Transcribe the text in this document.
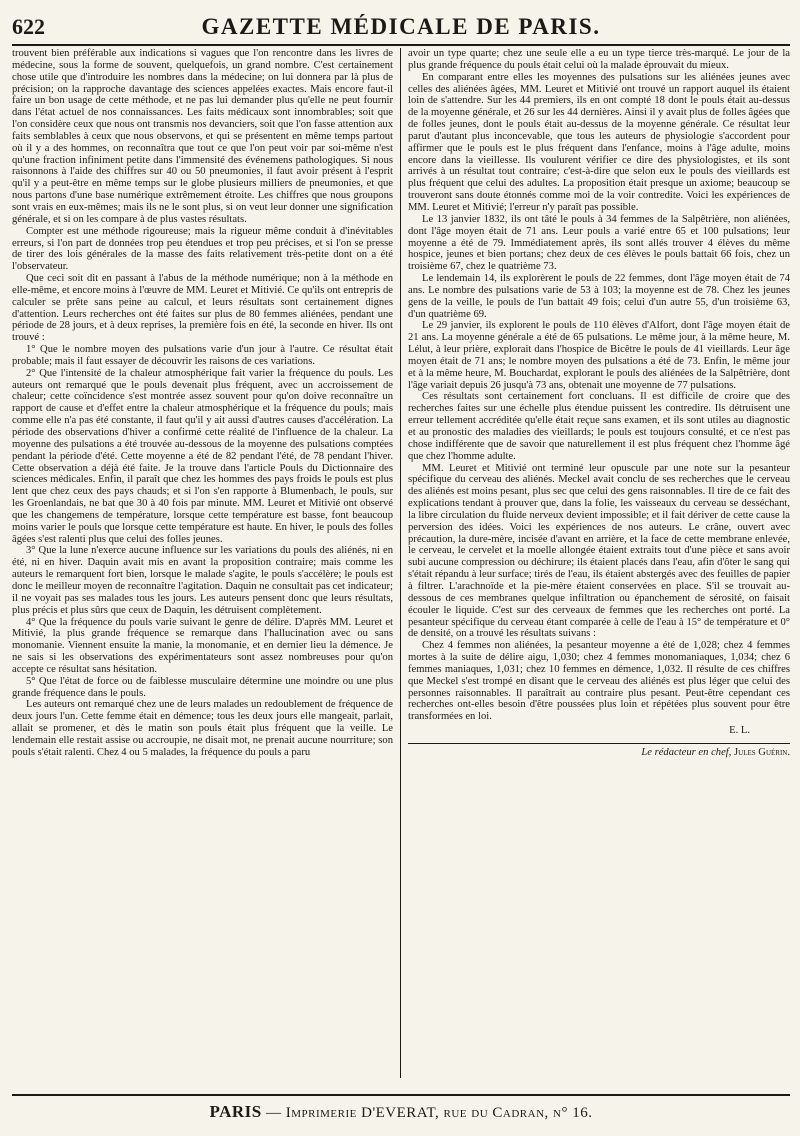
622	GAZETTE MÉDICALE DE PARIS.

trouvent bien préférable aux indications si vagues que l'on rencontre dans les livres de médecine, sous la forme de souvent, quelquefois, un grand nombre. C'est certainement chose utile que d'introduire les nombres dans la médecine; on lui donnera par là plus de précision; on la rapproche davantage des sciences appelées exactes. Mais encore faut-il faire un bon usage de cette méthode, et ne pas lui demander plus qu'elle ne peut fournir dans l'état actuel de nos connaissances. Les faits médicaux sont innombrables; soit que l'on considère ceux que nous ont transmis nos devanciers, soit que l'on fasse attention aux faits semblables à ceux que nous observons, et qui se présentent en même temps partout où il y a des hommes, on reconnaîtra que tout ce que l'on peut voir par soi-même n'est qu'une fraction infiniment petite dans l'immensité des événemens pathologiques. Si nous raisonnons à l'aide des chiffres sur 40 ou 50 pneumonies, il faut avoir présent à l'esprit qu'il y a peut-être en même temps sur le globe plusieurs milliers de pneumonies, et que nous partons d'une base numérique extrêmement étroite. Les chiffres que nous groupons sont vrais en eux-mêmes; mais ils ne le sont plus, si on veut leur donner une signification générale, et si on les compare à de plus vastes résultats.

Compter est une méthode rigoureuse; mais la rigueur même conduit à d'inévitables erreurs, si l'on part de données trop peu étendues et trop peu précises, et si l'on se presse de tirer des lois générales de la masse des faits relativement très-petite dont on a été l'observateur.

Que ceci soit dit en passant à l'abus de la méthode numérique; non à la méthode en elle-même, et encore moins à l'œuvre de MM. Leuret et Mitivié. Ce qu'ils ont entrepris de calculer se prête sans peine au calcul, et leurs résultats sont certainement dignes d'attention. Leurs recherches ont été faites sur plus de 80 femmes aliénées, pendant une période de 28 jours, et à deux reprises, la première fois en été, la seconde en hiver. Ils ont trouvé :

1° Que le nombre moyen des pulsations varie d'un jour à l'autre. Ce résultat était probable; mais il faut essayer de découvrir les raisons de ces variations.

2° Que l'intensité de la chaleur atmosphérique fait varier la fréquence du pouls. Les auteurs ont remarqué que le pouls devenait plus fréquent, avec un accroissement de chaleur; cette coïncidence s'est montrée assez souvent pour qu'on doive reconnaître un rapport de cause et d'effet entre la chaleur atmosphérique et la fréquence du pouls; mais comme elle n'a pas été constante, il faut qu'il y ait aussi d'autres causes d'accélération. La période des observations d'hiver a confirmé cette réalité de l'influence de la chaleur. La moyenne des pulsations a été trouvée au-dessous de la moyenne des pulsations comptées pendant la période d'été. Cette moyenne a été de 82 pendant l'été, de 78 pendant l'hiver. Cette observation a déjà été faite. Je la trouve dans l'article Pouls du Dictionnaire des sciences médicales. Enfin, il paraît que chez les hommes des pays froids le pouls est plus lent que chez ceux des pays chauds; et si l'on s'en rapporte à Blumenbach, le pouls, sur les Groenlandais, ne bat que 30 à 40 fois par minute. MM. Leuret et Mitivié ont observé que les changemens de température, lorsque cette température est basse, font beaucoup moins varier le pouls que lorsque cette température est haute. En hiver, le pouls des folles âgées s'est ralenti plus que celui des folles jeunes.

3° Que la lune n'exerce aucune influence sur les variations du pouls des aliénés, ni en été, ni en hiver. Daquin avait mis en avant la proposition contraire; mais comme les auteurs le remarquent fort bien, lorsque le malade s'agite, le pouls s'accélère; le pouls est donc le meilleur moyen de reconnaître l'agitation. Daquin ne consultait pas cet indicateur; il ne voyait pas ses malades tous les jours. Les auteurs pensent donc que leurs résultats, plus précis et plus sûrs que ceux de Daquin, les détruisent complètement.

4° Que la fréquence du pouls varie suivant le genre de délire. D'après MM. Leuret et Mitivié, la plus grande fréquence se remarque dans l'hallucination avec ou sans monomanie. Viennent ensuite la manie, la monomanie, et en dernier lieu la démence. Je ne sais si les observations des expérimentateurs sont assez nombreuses pour qu'on accepte ce résultat sans hésitation.

5° Que l'état de force ou de faiblesse musculaire détermine une moindre ou une plus grande fréquence dans le pouls.

Les auteurs ont remarqué chez une de leurs malades un redoublement de fréquence de deux jours l'un. Cette femme était en démence; tous les deux jours elle mangeait, parlait, allait se promener, et dès le matin son pouls était plus fréquent que la veille. Le lendemain elle restait assise ou accroupie, ne disait mot, ne prenait aucune nourriture; son pouls s'était ralenti. Chez 4 ou 5 malades, la fréquence du pouls a paru

avoir un type quarte; chez une seule elle a eu un type tierce très-marqué. Le jour de la plus grande fréquence du pouls était celui où la malade éprouvait du mieux.

En comparant entre elles les moyennes des pulsations sur les aliénées jeunes avec celles des aliénées âgées, MM. Leuret et Mitivié ont trouvé un rapport auquel ils étaient loin de s'attendre. Sur les 44 premiers, ils en ont compté 18 dont le pouls était au-dessus de la moyenne générale, et 26 sur les 44 dernières. Ainsi il y avait plus de folles âgées que de folles jeunes, dont le pouls était au-dessus de la moyenne générale. Ce résultat leur parut d'autant plus inconcevable, que tous les auteurs de physiologie s'accordent pour affirmer que le pouls est le plus fréquent dans l'enfance, moins à l'âge adulte, moins encore dans la vieillesse. Ils voulurent vérifier ce dire des physiologistes, et ils sont arrivés à un résultat tout contraire; c'est-à-dire que selon eux le pouls des vieillards est plus fréquent que celui des adultes. La proposition était presque un axiome; beaucoup se trouveront sans doute étonnés comme moi de la voir contredite. Voici les expériences de MM. Leuret et Mitivié; l'erreur n'y paraît pas possible.

Le 13 janvier 1832, ils ont tâté le pouls à 34 femmes de la Salpêtrière, non aliénées, dont l'âge moyen était de 71 ans. Leur pouls a varié entre 65 et 100 pulsations; leur moyenne a été de 79. Immédiatement après, ils sont allés trouver 4 élèves du même hospice, jeunes et bien portans; chez deux de ces élèves le pouls battait 66 fois, chez un troisième 67, chez le quatrième 73.

Le lendemain 14, ils explorèrent le pouls de 22 femmes, dont l'âge moyen était de 74 ans. Le nombre des pulsations varie de 53 à 103; la moyenne est de 78. Chez les jeunes gens de la veille, le pouls de l'un battait 49 fois; celui d'un autre 55, d'un troisième 63, d'un quatrième 69.

Le 29 janvier, ils explorent le pouls de 110 élèves d'Alfort, dont l'âge moyen était de 21 ans. La moyenne générale a été de 65 pulsations. Le même jour, à la même heure, M. Lélut, à leur prière, explorait dans l'hospice de Bicêtre le pouls de 41 vieillards. Leur âge moyen était de 71 ans; le nombre moyen des pulsations a été de 73. Enfin, le même jour et à la même heure, M. Bouchardat, explorant le pouls des aliénées de la Salpêtrière, dont l'âge variait depuis 26 jusqu'à 73 ans, obtenait une moyenne de 77 pulsations.

Ces résultats sont certainement fort concluans. Il est difficile de croire que des recherches faites sur une échelle plus étendue puissent les contredire. Ils détruisent une erreur tellement accréditée qu'elle était reçue sans examen, et ils sont utiles au diagnostic et au pronostic des maladies des vieillards; le pouls est toujours consulté, et ce n'est pas chose indifférente que de savoir que naturellement il est plus fréquent chez l'homme âgé que chez l'homme adulte.

MM. Leuret et Mitivié ont terminé leur opuscule par une note sur la pesanteur spécifique du cerveau des aliénés. Meckel avait conclu de ses recherches que le cerveau des aliénés est moins pesant, plus sec que celui des gens raisonnables. Il tire de ce fait des explications tendant à prouver que, dans la folie, les vaisseaux du cerveau se desséchant, la libre circulation du fluide nerveux devient impossible; et il fait dériver de cette cause la perversion des idées. Voici les expériences de nos auteurs. Le crâne, ouvert avec précaution, la dure-mère, incisée d'avant en arrière, et la face de cette membrane enlevée, le cerveau, le cervelet et la moelle allongée étaient extraits tout d'une pièce et sans avoir subi aucune compression ou déchirure; ils étaient placés dans l'eau, afin d'ôter le sang qui s'était répandu à leur surface; tirés de l'eau, ils étaient abstergés avec des feuilles de papier à filtrer. L'arachnoïde et la pie-mère étaient conservées en place. S'il se trouvait au-dessous de ces membranes quelque infiltration ou épanchement de sérosité, on faisait écouler le liquide. C'est sur des cerveaux de femmes que les recherches ont porté. La pesanteur spécifique du cerveau étant comparée à celle de l'eau à 15° de température et 0° de densité, on a trouvé les résultats suivans :

Chez 4 femmes non aliénées, la pesanteur moyenne a été de 1,028; chez 4 femmes mortes à la suite de délire aigu, 1,030; chez 4 femmes monomaniaques, 1,034; chez 6 femmes maniaques, 1,031; chez 10 femmes en démence, 1,032. Il résulte de ces chiffres que Meckel s'est trompé en disant que le cerveau des aliénés est plus léger que celui des personnes raisonnables. Il paraîtrait au contraire plus pesant. Peut-être cependant ces recherches ont-elles besoin d'être poussées plus loin et répétées plus souvent pour être transformées en loi.

E. L.

Le rédacteur en chef, Jules Guérin.

PARIS — Imprimerie D'EVERAT, rue du Cadran, n° 16.
